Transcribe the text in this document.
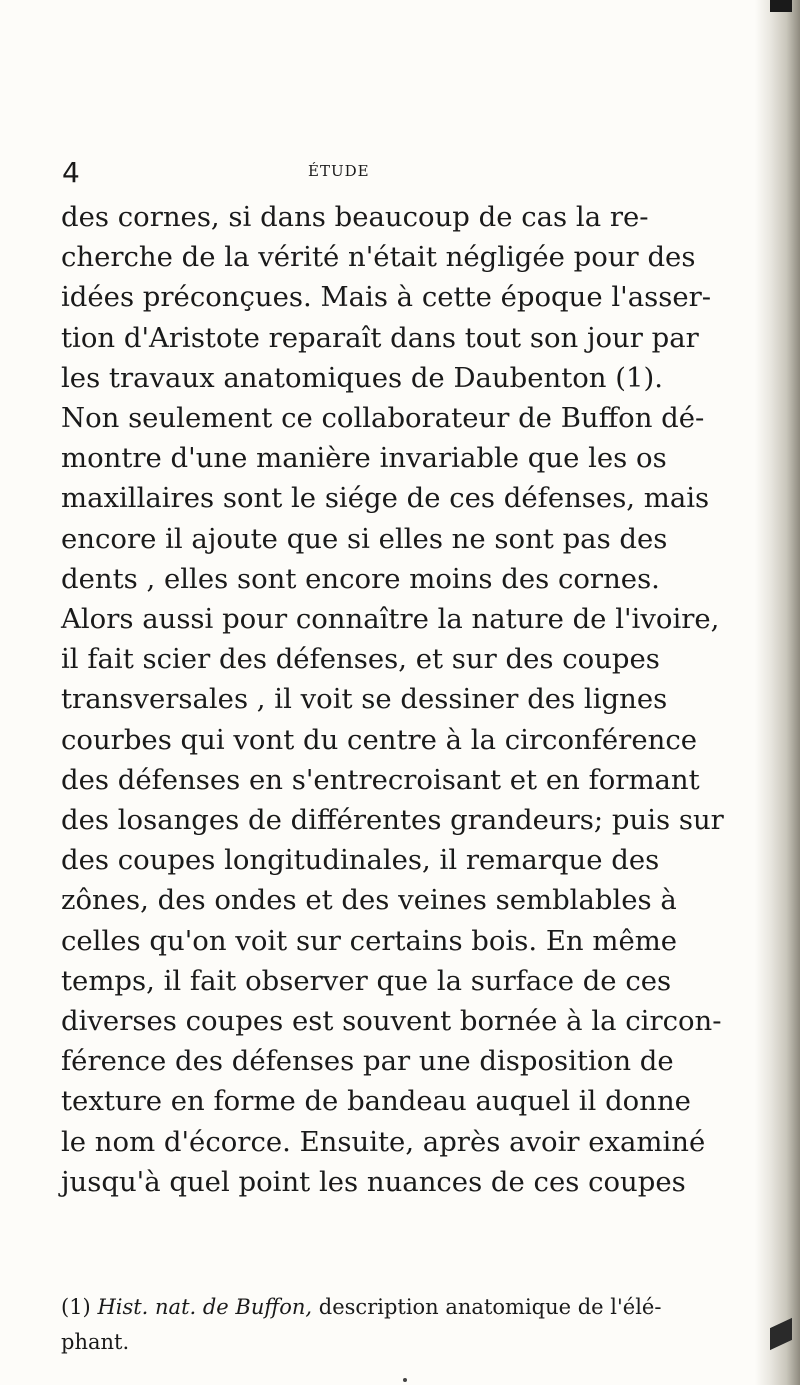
4	ÉTUDE

des cornes, si dans beaucoup de cas la re-
cherche de la vérité n'était négligée pour des
idées préconçues. Mais à cette époque l'asser-
tion d'Aristote reparaît dans tout son jour par
les travaux anatomiques de Daubenton (1).
Non seulement ce collaborateur de Buffon dé-
montre d'une manière invariable que les os
maxillaires sont le siége de ces défenses, mais
encore il ajoute que si elles ne sont pas des
dents , elles sont encore moins des cornes.
Alors aussi pour connaître la nature de l'ivoire,
il fait scier des défenses, et sur des coupes
transversales , il voit se dessiner des lignes
courbes qui vont du centre à la circonférence
des défenses en s'entrecroisant et en formant
des losanges de différentes grandeurs; puis sur
des coupes longitudinales, il remarque des
zônes, des ondes et des veines semblables à
celles qu'on voit sur certains bois. En même
temps, il fait observer que la surface de ces
diverses coupes est souvent bornée à la circon-
férence des défenses par une disposition de
texture en forme de bandeau auquel il donne
le nom d'écorce. Ensuite, après avoir examiné
jusqu'à quel point les nuances de ces coupes

(1) Hist. nat. de Buffon, description anatomique de l'élé-
phant.
